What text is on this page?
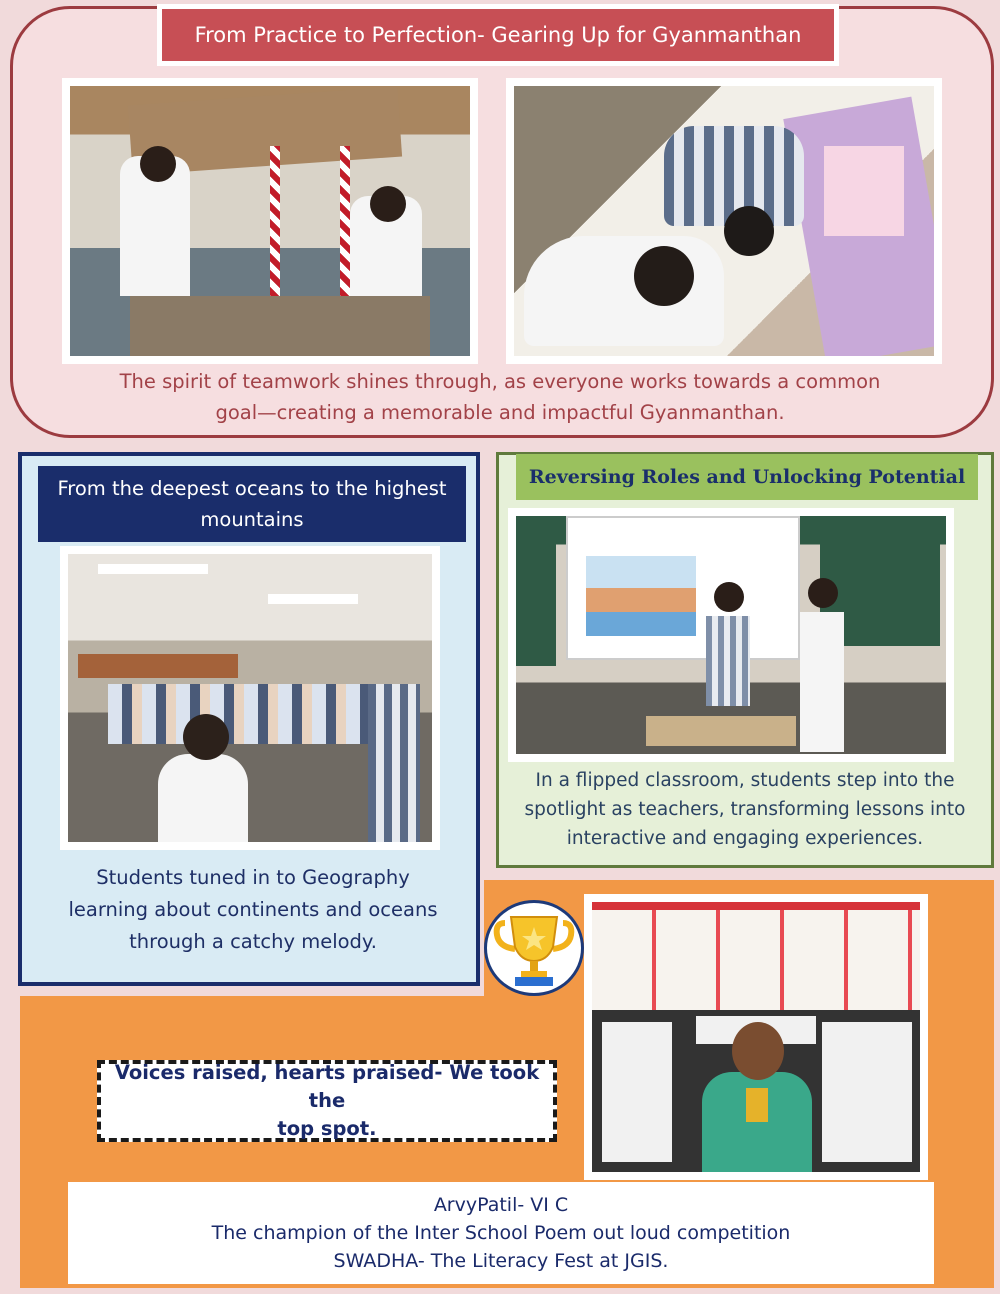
From Practice to Perfection- Gearing Up for Gyanmanthan
The spirit of teamwork shines through, as everyone works towards a common
goal—creating a memorable and impactful Gyanmanthan.
From the deepest oceans to the highest
mountains
Students tuned in to Geography
learning about continents and oceans
through a catchy melody.
Reversing Roles and Unlocking Potential
In a flipped classroom, students step into the
spotlight as teachers, transforming lessons into
interactive and engaging experiences.
Voices raised, hearts praised- We took the
top spot.
ArvyPatil- VI C
The champion of the Inter School Poem out loud competition
SWADHA- The Literacy Fest at JGIS.
